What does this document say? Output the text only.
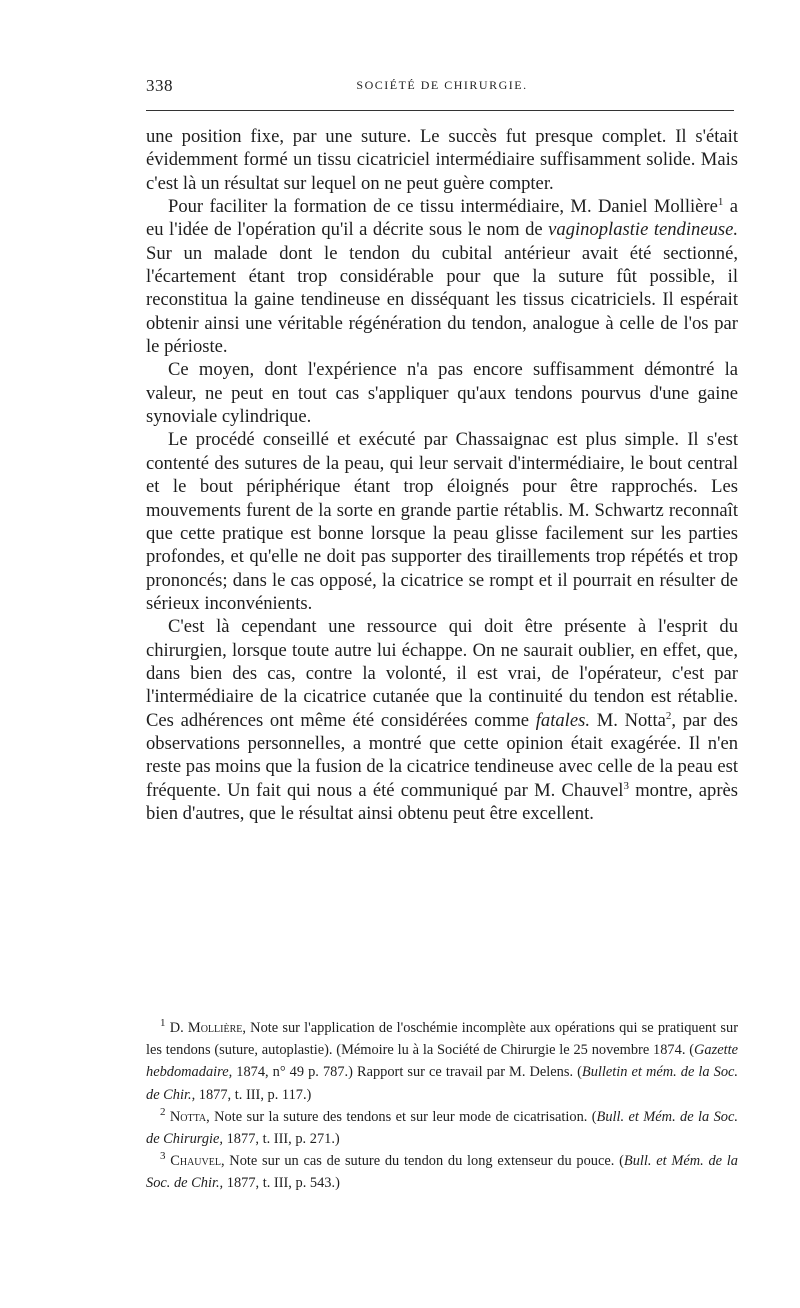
338	SOCIÉTÉ DE CHIRURGIE.

une position fixe, par une suture. Le succès fut presque complet. Il s'était évidemment formé un tissu cicatriciel intermédiaire suffisamment solide. Mais c'est là un résultat sur lequel on ne peut guère compter.

Pour faciliter la formation de ce tissu intermédiaire, M. Daniel Mollière$^1$ a eu l'idée de l'opération qu'il a décrite sous le nom de vaginoplastie tendineuse. Sur un malade dont le tendon du cubital antérieur avait été sectionné, l'écartement étant trop considérable pour que la suture fût possible, il reconstitua la gaine tendineuse en disséquant les tissus cicatriciels. Il espérait obtenir ainsi une véritable régénération du tendon, analogue à celle de l'os par le périoste.

Ce moyen, dont l'expérience n'a pas encore suffisamment démontré la valeur, ne peut en tout cas s'appliquer qu'aux tendons pourvus d'une gaine synoviale cylindrique.

Le procédé conseillé et exécuté par Chassaignac est plus simple. Il s'est contenté des sutures de la peau, qui leur servait d'intermédiaire, le bout central et le bout périphérique étant trop éloignés pour être rapprochés. Les mouvements furent de la sorte en grande partie rétablis. M. Schwartz reconnaît que cette pratique est bonne lorsque la peau glisse facilement sur les parties profondes, et qu'elle ne doit pas supporter des tiraillements trop répétés et trop prononcés; dans le cas opposé, la cicatrice se rompt et il pourrait en résulter de sérieux inconvénients.

C'est là cependant une ressource qui doit être présente à l'esprit du chirurgien, lorsque toute autre lui échappe. On ne saurait oublier, en effet, que, dans bien des cas, contre la volonté, il est vrai, de l'opérateur, c'est par l'intermédiaire de la cicatrice cutanée que la continuité du tendon est rétablie. Ces adhérences ont même été considérées comme fatales. M. Notta$^2$, par des observations personnelles, a montré que cette opinion était exagérée. Il n'en reste pas moins que la fusion de la cicatrice tendineuse avec celle de la peau est fréquente. Un fait qui nous a été communiqué par M. Chauvel$^3$ montre, après bien d'autres, que le résultat ainsi obtenu peut être excellent.

$^1$ D. Mollière, Note sur l'application de l'oschémie incomplète aux opérations qui se pratiquent sur les tendons (suture, autoplastie). (Mémoire lu à la Société de Chirurgie le 25 novembre 1874. (Gazette hebdomadaire, 1874, n° 49 p. 787.) Rapport sur ce travail par M. Delens. (Bulletin et mém. de la Soc. de Chir., 1877, t. III, p. 117.)

$^2$ Notta, Note sur la suture des tendons et sur leur mode de cicatrisation. (Bull. et Mém. de la Soc. de Chirurgie, 1877, t. III, p. 271.)

$^3$ Chauvel, Note sur un cas de suture du tendon du long extenseur du pouce. (Bull. et Mém. de la Soc. de Chir., 1877, t. III, p. 543.)
